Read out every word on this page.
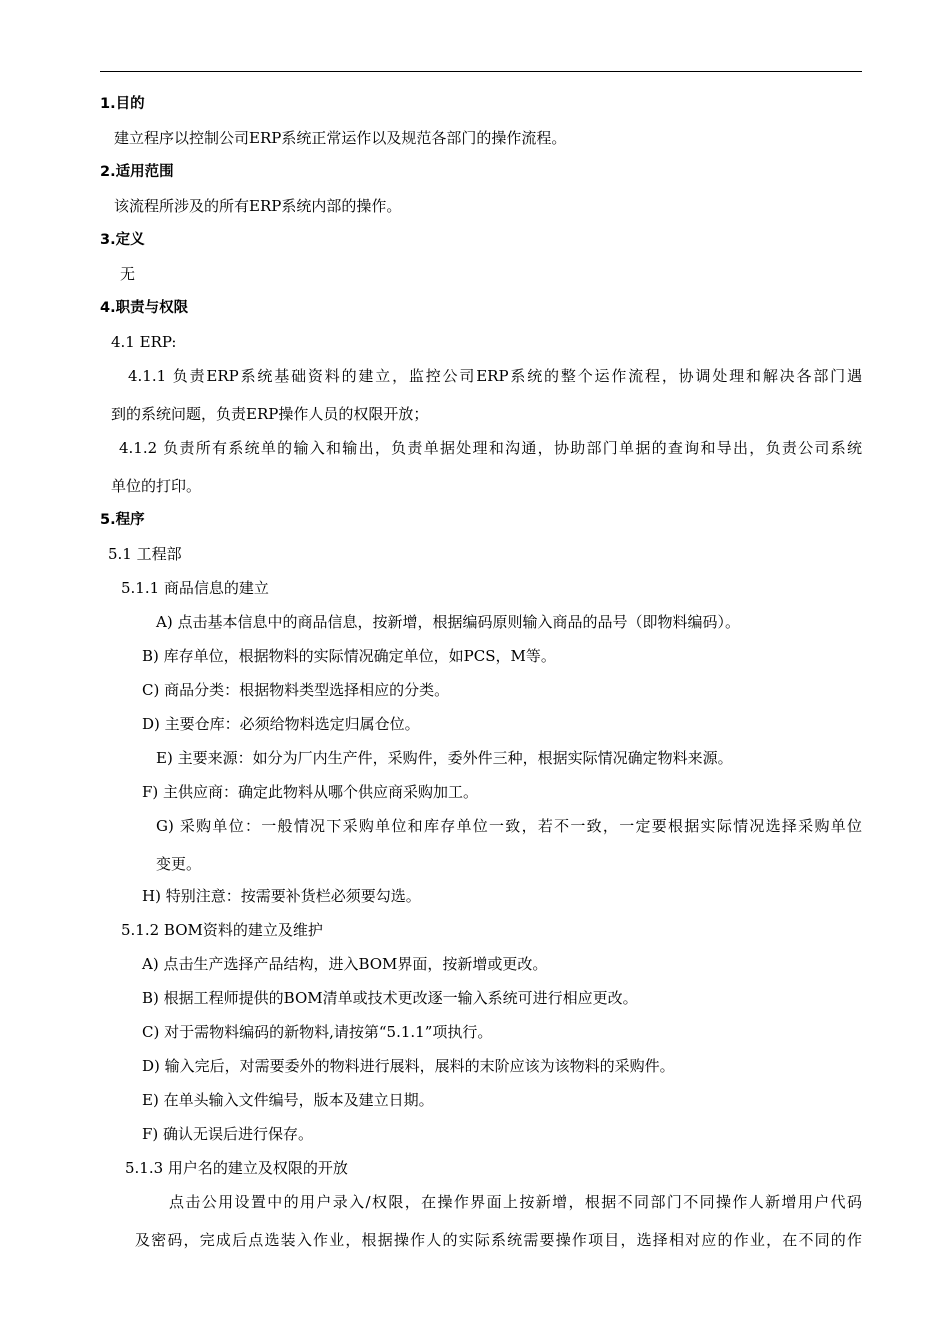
1.目的
建立程序以控制公司ERP系统正常运作以及规范各部门的操作流程。
2.适用范围
该流程所涉及的所有ERP系统内部的操作。
3.定义
无
4.职责与权限
4.1 ERP:
4.1.1 负责ERP系统基础资料的建立，监控公司ERP系统的整个运作流程，协调处理和解决各部门遇
到的系统问题，负责ERP操作人员的权限开放；
4.1.2 负责所有系统单的输入和输出，负责单据处理和沟通，协助部门单据的查询和导出，负责公司系统
单位的打印。
5.程序
5.1 工程部
5.1.1 商品信息的建立
A) 点击基本信息中的商品信息，按新增，根据编码原则输入商品的品号（即物料编码）。
B) 库存单位，根据物料的实际情况确定单位，如PCS，M等。
C) 商品分类：根据物料类型选择相应的分类。
D) 主要仓库：必须给物料选定归属仓位。
E) 主要来源：如分为厂内生产件，采购件，委外件三种，根据实际情况确定物料来源。
F) 主供应商：确定此物料从哪个供应商采购加工。
G) 采购单位：一般情况下采购单位和库存单位一致，若不一致，一定要根据实际情况选择采购单位
变更。
H) 特别注意：按需要补货栏必须要勾选。
5.1.2 BOM资料的建立及维护
A) 点击生产选择产品结构，进入BOM界面，按新增或更改。
B) 根据工程师提供的BOM清单或技术更改逐一输入系统可进行相应更改。
C) 对于需物料编码的新物料,请按第“5.1.1”项执行。
D) 输入完后，对需要委外的物料进行展料，展料的末阶应该为该物料的采购件。
E) 在单头输入文件编号，版本及建立日期。
F) 确认无误后进行保存。
5.1.3 用户名的建立及权限的开放
点击公用设置中的用户录入/权限，在操作界面上按新增，根据不同部门不同操作人新增用户代码
及密码，完成后点选装入作业，根据操作人的实际系统需要操作项目，选择相对应的作业，在不同的作
